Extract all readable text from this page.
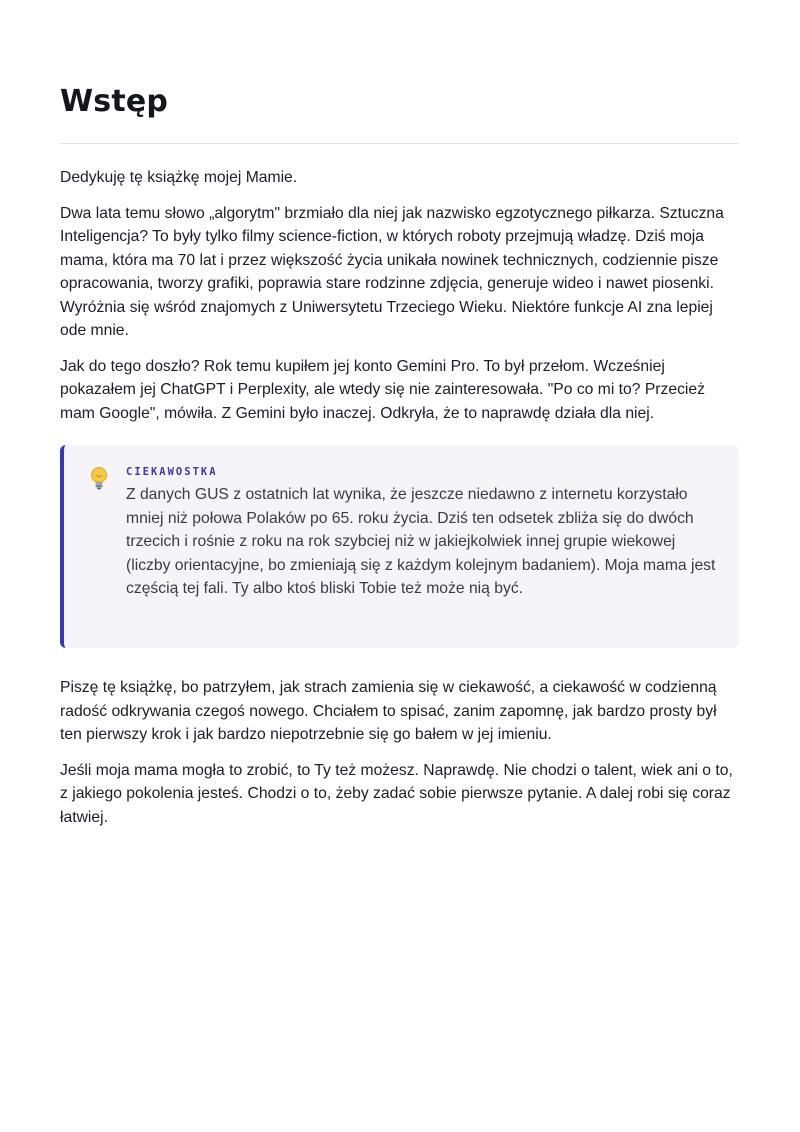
Wstęp

Dedykuję tę książkę mojej Mamie.

Dwa lata temu słowo „algorytm" brzmiało dla niej jak nazwisko egzotycznego piłkarza. Sztuczna Inteligencja? To były tylko filmy science-fiction, w których roboty przejmują władzę. Dziś moja mama, która ma 70 lat i przez większość życia unikała nowinek technicznych, codziennie pisze opracowania, tworzy grafiki, poprawia stare rodzinne zdjęcia, generuje wideo i nawet piosenki. Wyróżnia się wśród znajomych z Uniwersytetu Trzeciego Wieku. Niektóre funkcje AI zna lepiej ode mnie.

Jak do tego doszło? Rok temu kupiłem jej konto Gemini Pro. To był przełom. Wcześniej pokazałem jej ChatGPT i Perplexity, ale wtedy się nie zainteresowała. "Po co mi to? Przecież mam Google", mówiła. Z Gemini było inaczej. Odkryła, że to naprawdę działa dla niej.

CIEKAWOSTKA

Z danych GUS z ostatnich lat wynika, że jeszcze niedawno z internetu korzystało mniej niż połowa Polaków po 65. roku życia. Dziś ten odsetek zbliża się do dwóch trzecich i rośnie z roku na rok szybciej niż w jakiejkolwiek innej grupie wiekowej (liczby orientacyjne, bo zmieniają się z każdym kolejnym badaniem). Moja mama jest częścią tej fali. Ty albo ktoś bliski Tobie też może nią być.

Piszę tę książkę, bo patrzyłem, jak strach zamienia się w ciekawość, a ciekawość w codzienną radość odkrywania czegoś nowego. Chciałem to spisać, zanim zapomnę, jak bardzo prosty był ten pierwszy krok i jak bardzo niepotrzebnie się go bałem w jej imieniu.

Jeśli moja mama mogła to zrobić, to Ty też możesz. Naprawdę. Nie chodzi o talent, wiek ani o to, z jakiego pokolenia jesteś. Chodzi o to, żeby zadać sobie pierwsze pytanie. A dalej robi się coraz łatwiej.
